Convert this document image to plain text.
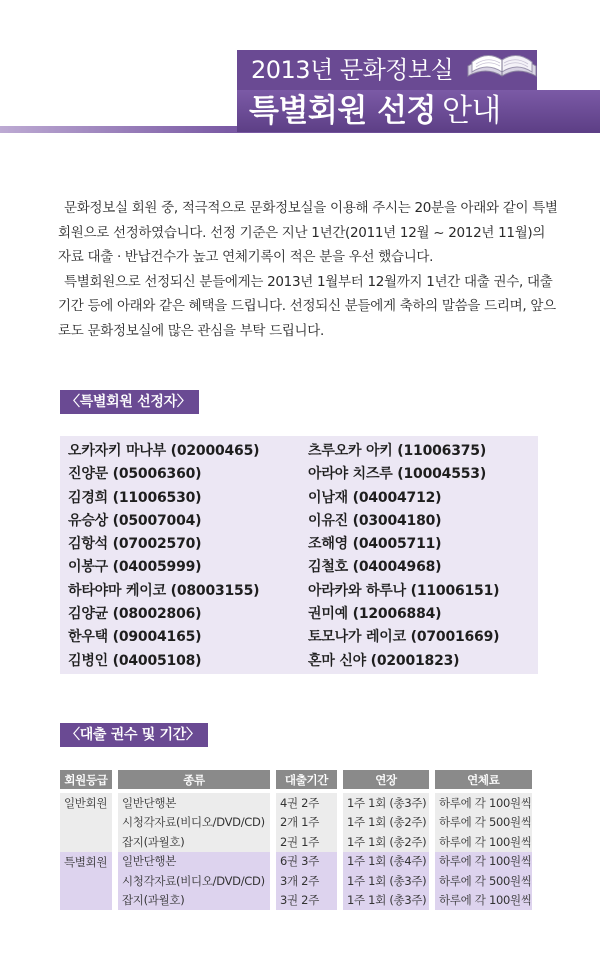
2013년 문화정보실
특별회원 선정 안내

문화정보실 회원 중, 적극적으로 문화정보실을 이용해 주시는 20분을 아래와 같이 특별회원으로 선정하였습니다. 선정 기준은 지난 1년간(2011년 12월 ~ 2012년 11월)의 자료 대출 · 반납건수가 높고 연체기록이 적은 분을 우선 했습니다.

특별회원으로 선정되신 분들에게는 2013년 1월부터 12월까지 1년간 대출 권수, 대출 기간 등에 아래와 같은 혜택을 드립니다. 선정되신 분들에게 축하의 말씀을 드리며, 앞으로도 문화정보실에 많은 관심을 부탁 드립니다.

〈특별회원 선정자〉
오카자키 마나부 (02000465)	츠루오카 아키 (11006375)
진양문 (05006360)	아라야 치즈루 (10004553)
김경희 (11006530)	이남재 (04004712)
유승상 (05007004)	이유진 (03004180)
김항석 (07002570)	조해영 (04005711)
이봉구 (04005999)	김철호 (04004968)
하타야마 케이코 (08003155)	아라카와 하루나 (11006151)
김양균 (08002806)	권미예 (12006884)
한우택 (09004165)	토모나가 레이코 (07001669)
김병인 (04005108)	혼마 신야 (02001823)
〈대출 권수 및 기간〉
회원등급	종류	대출기간	연장	연체료
일반회원	일반단행본	4권 2주	1주 1회 (총3주)	하루에 각 100원씩
	시청각자료(비디오/DVD/CD)	2개 1주	1주 1회 (총2주)	하루에 각 500원씩
	잡지(과월호)	2권 1주	1주 1회 (총2주)	하루에 각 100원씩
특별회원	일반단행본	6권 3주	1주 1회 (총4주)	하루에 각 100원씩
	시청각자료(비디오/DVD/CD)	3개 2주	1주 1회 (총3주)	하루에 각 500원씩
	잡지(과월호)	3권 2주	1주 1회 (총3주)	하루에 각 100원씩
